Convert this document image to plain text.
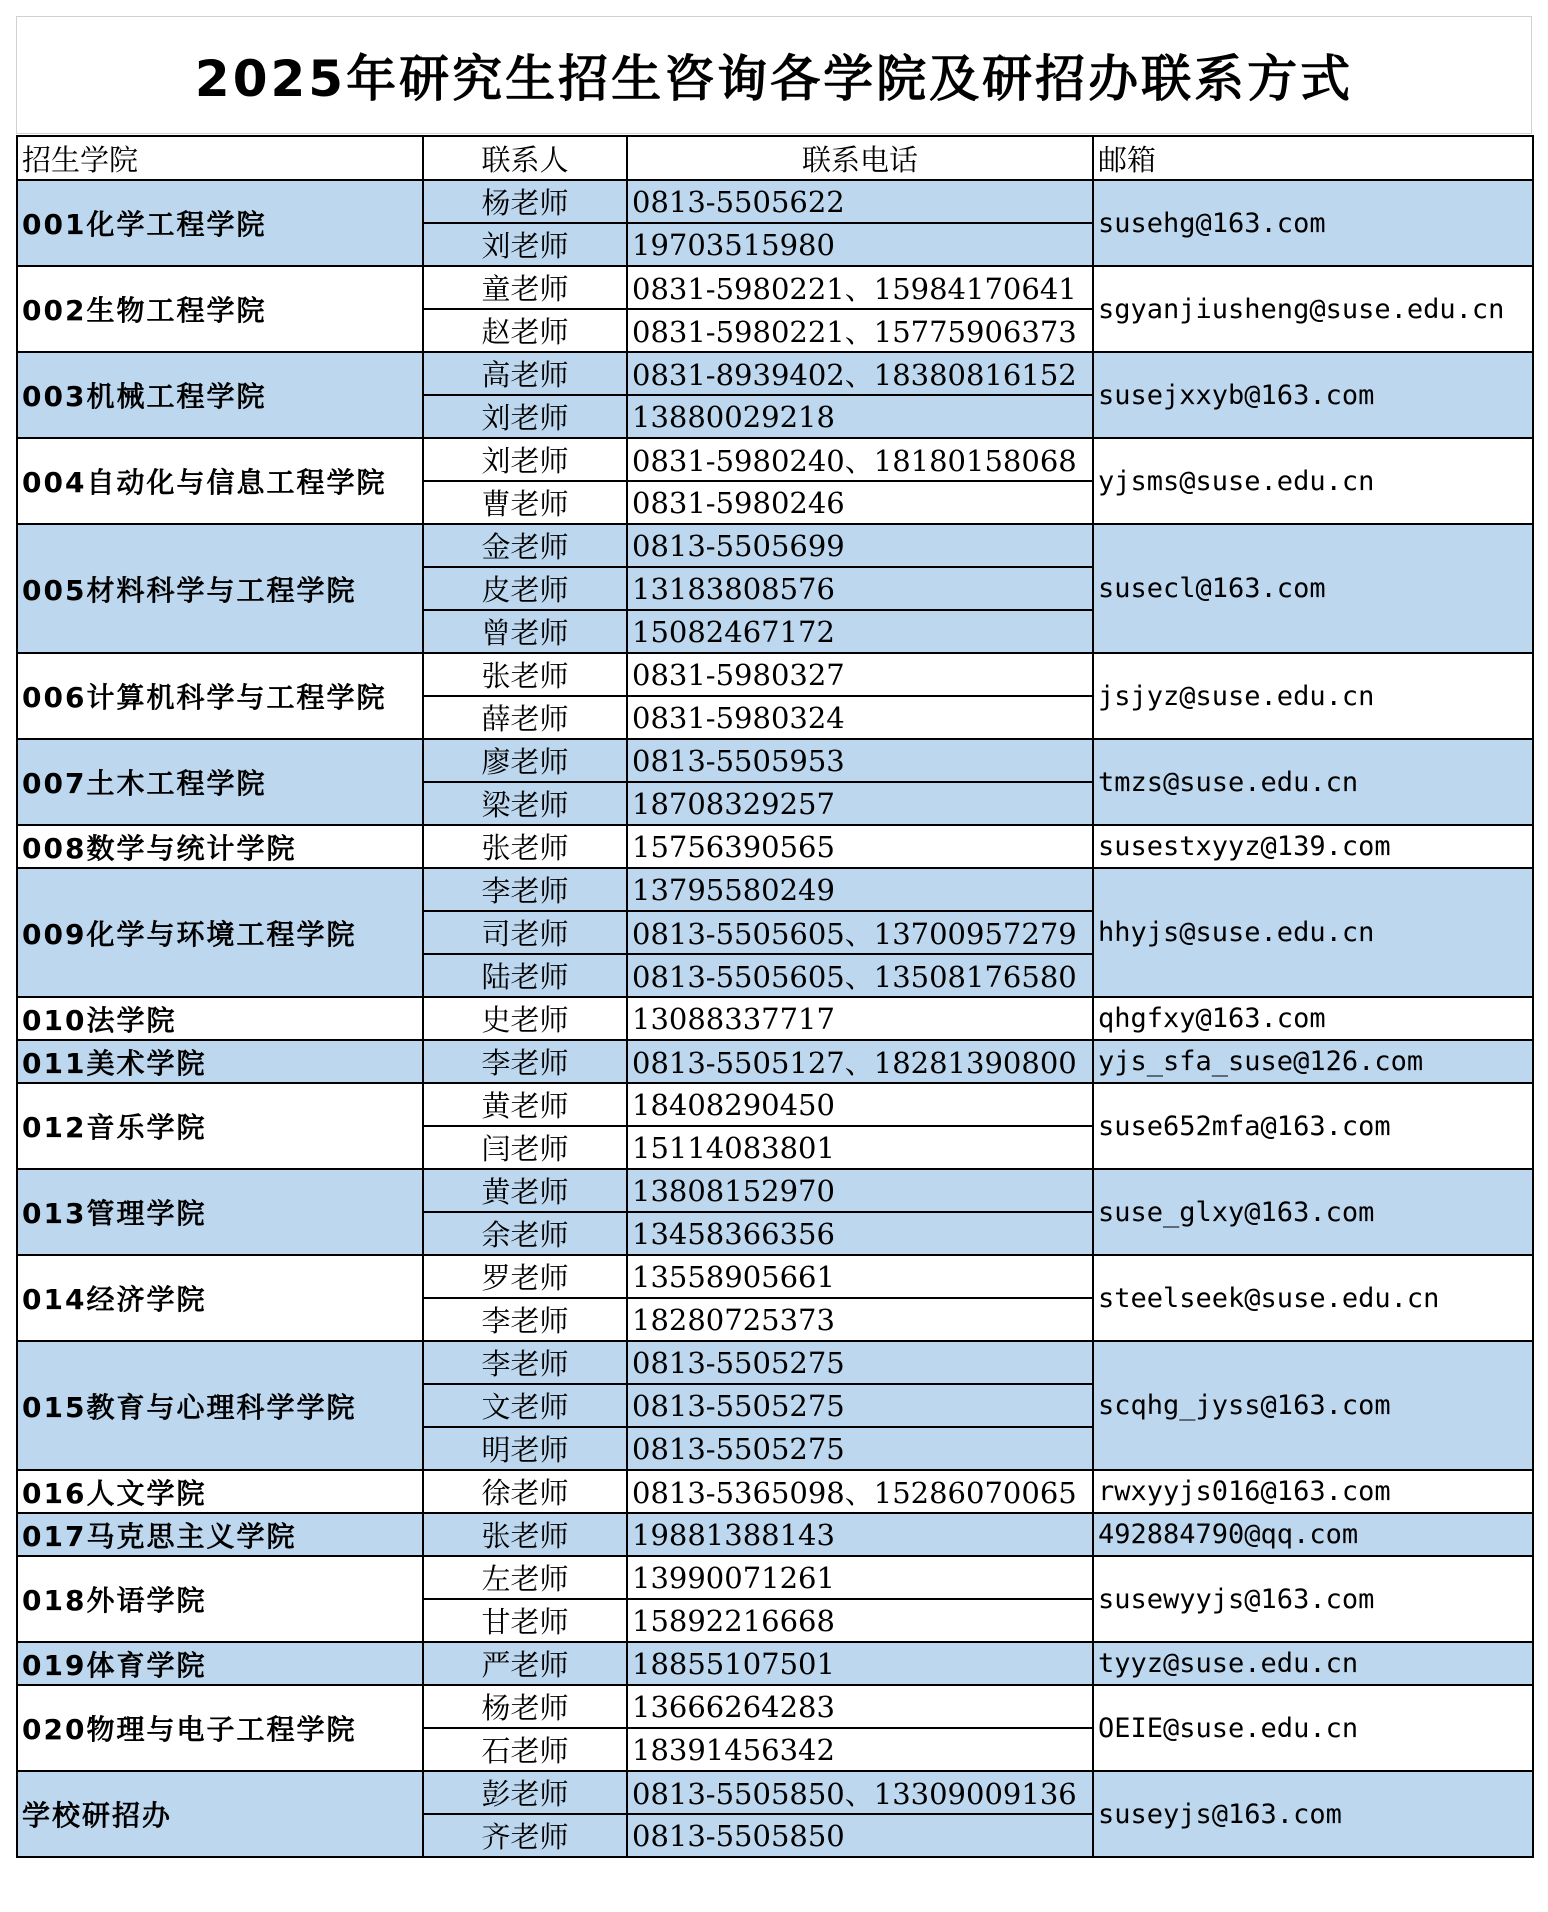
2025年研究生招生咨询各学院及研招办联系方式
招生学院	联系人	联系电话	邮箱
001化学工程学院	杨老师	0813-5505622	susehg@163.com
	刘老师	19703515980	
002生物工程学院	童老师	0831-5980221、15984170641	sgyanjiusheng@suse.edu.cn
	赵老师	0831-5980221、15775906373	
003机械工程学院	高老师	0831-8939402、18380816152	susejxxyb@163.com
	刘老师	13880029218	
004自动化与信息工程学院	刘老师	0831-5980240、18180158068	yjsms@suse.edu.cn
	曹老师	0831-5980246	
005材料科学与工程学院	金老师	0813-5505699	susecl@163.com
	皮老师	13183808576	
	曾老师	15082467172	
006计算机科学与工程学院	张老师	0831-5980327	jsjyz@suse.edu.cn
	薛老师	0831-5980324	
007土木工程学院	廖老师	0813-5505953	tmzs@suse.edu.cn
	梁老师	18708329257	
008数学与统计学院	张老师	15756390565	susestxyyz@139.com
009化学与环境工程学院	李老师	13795580249	hhyjs@suse.edu.cn
	司老师	0813-5505605、13700957279	
	陆老师	0813-5505605、13508176580	
010法学院	史老师	13088337717	qhgfxy@163.com
011美术学院	李老师	0813-5505127、18281390800	yjs_sfa_suse@126.com
012音乐学院	黄老师	18408290450	suse652mfa@163.com
	闫老师	15114083801	
013管理学院	黄老师	13808152970	suse_glxy@163.com
	余老师	13458366356	
014经济学院	罗老师	13558905661	steelseek@suse.edu.cn
	李老师	18280725373	
015教育与心理科学学院	李老师	0813-5505275	scqhg_jyss@163.com
	文老师	0813-5505275	
	明老师	0813-5505275	
016人文学院	徐老师	0813-5365098、15286070065	rwxyyjs016@163.com
017马克思主义学院	张老师	19881388143	492884790@qq.com
018外语学院	左老师	13990071261	susewyyjs@163.com
	甘老师	15892216668	
019体育学院	严老师	18855107501	tyyz@suse.edu.cn
020物理与电子工程学院	杨老师	13666264283	OEIE@suse.edu.cn
	石老师	18391456342	
学校研招办	彭老师	0813-5505850、13309009136	suseyjs@163.com
	齐老师	0813-5505850	
